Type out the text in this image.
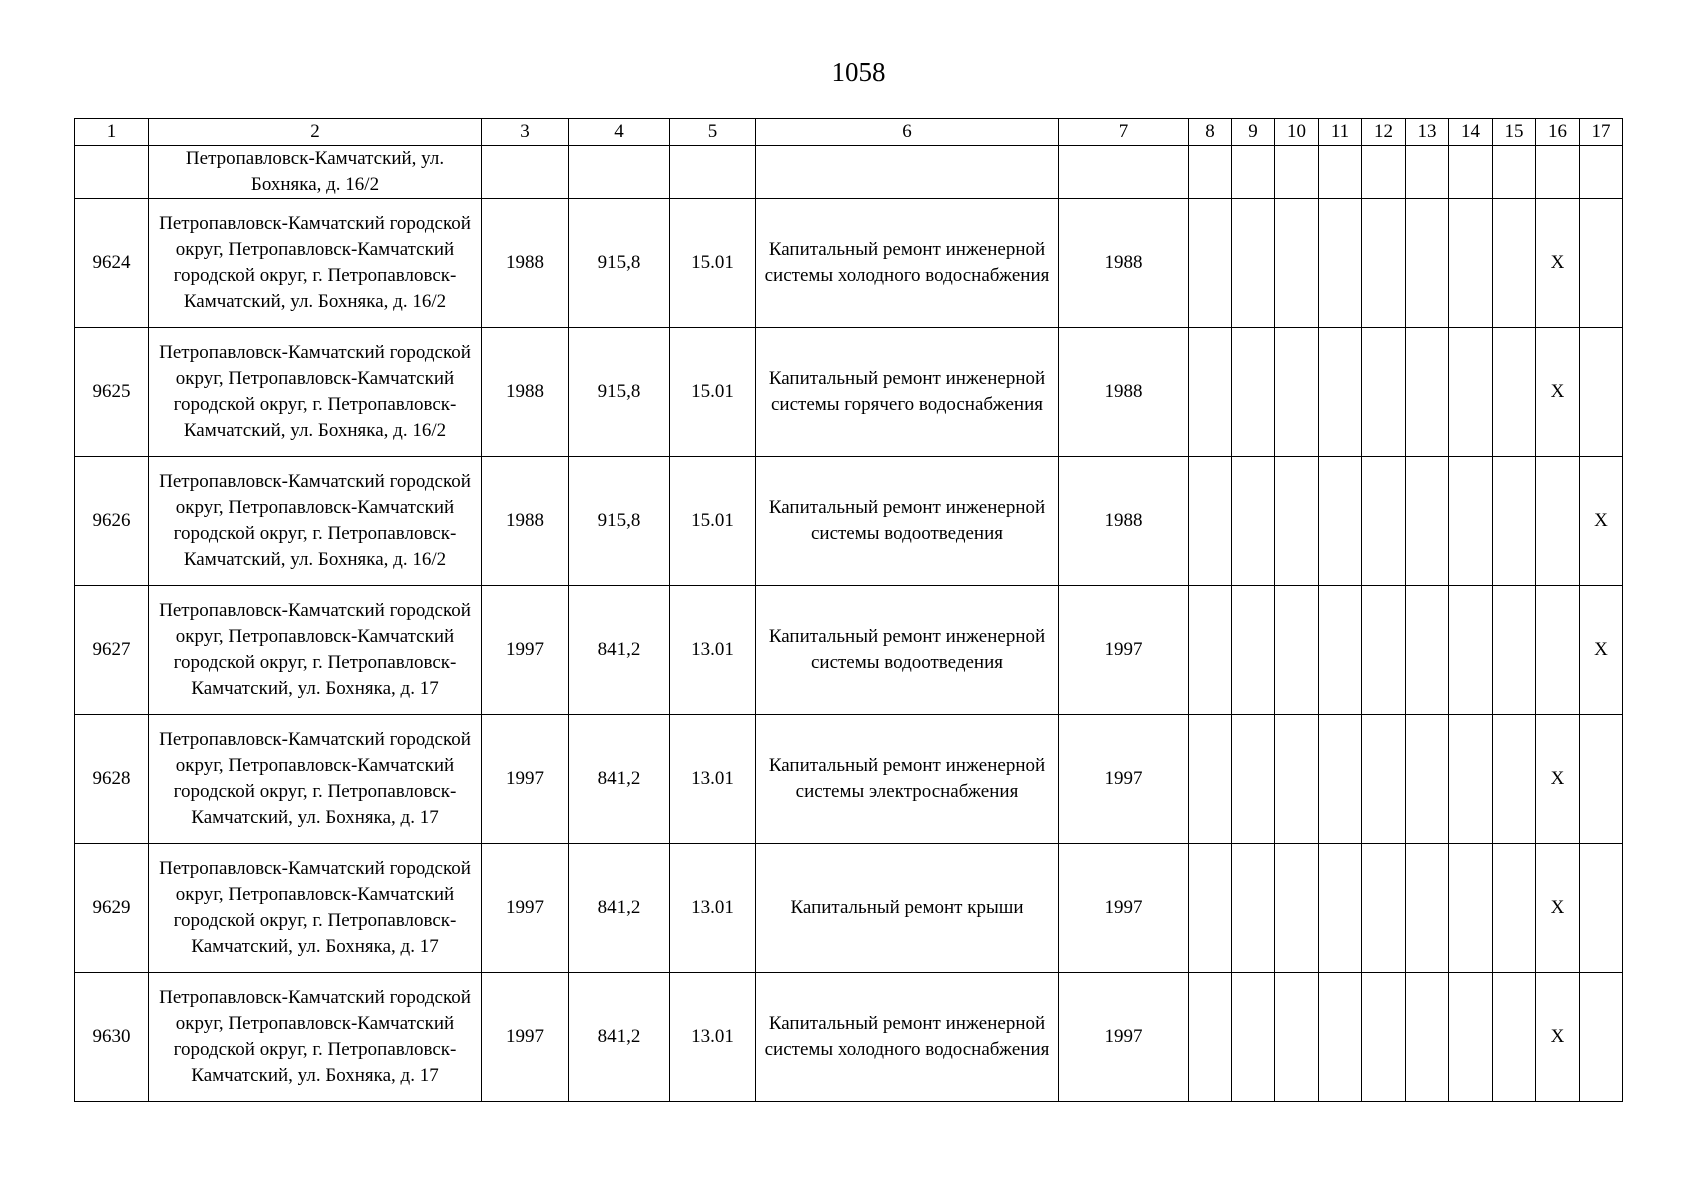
1058
1	2	3	4	5	6	7	8	9	10	11	12	13	14	15	16	17
	Петропавловск-Камчатский, ул. Бохняка, д. 16/2															
9624	Петропавловск-Камчатский городской округ, Петропавловск-Камчатский городской округ, г. Петропавловск-Камчатский, ул. Бохняка, д. 16/2	1988	915,8	15.01	Капитальный ремонт инженерной системы холодного водоснабжения	1988									X	
9625	Петропавловск-Камчатский городской округ, Петропавловск-Камчатский городской округ, г. Петропавловск-Камчатский, ул. Бохняка, д. 16/2	1988	915,8	15.01	Капитальный ремонт инженерной системы горячего водоснабжения	1988									X	
9626	Петропавловск-Камчатский городской округ, Петропавловск-Камчатский городской округ, г. Петропавловск-Камчатский, ул. Бохняка, д. 16/2	1988	915,8	15.01	Капитальный ремонт инженерной системы водоотведения	1988										X
9627	Петропавловск-Камчатский городской округ, Петропавловск-Камчатский городской округ, г. Петропавловск-Камчатский, ул. Бохняка, д. 17	1997	841,2	13.01	Капитальный ремонт инженерной системы водоотведения	1997										X
9628	Петропавловск-Камчатский городской округ, Петропавловск-Камчатский городской округ, г. Петропавловск-Камчатский, ул. Бохняка, д. 17	1997	841,2	13.01	Капитальный ремонт инженерной системы электроснабжения	1997									X	
9629	Петропавловск-Камчатский городской округ, Петропавловск-Камчатский городской округ, г. Петропавловск-Камчатский, ул. Бохняка, д. 17	1997	841,2	13.01	Капитальный ремонт крыши	1997									X	
9630	Петропавловск-Камчатский городской округ, Петропавловск-Камчатский городской округ, г. Петропавловск-Камчатский, ул. Бохняка, д. 17	1997	841,2	13.01	Капитальный ремонт инженерной системы холодного водоснабжения	1997									X	
